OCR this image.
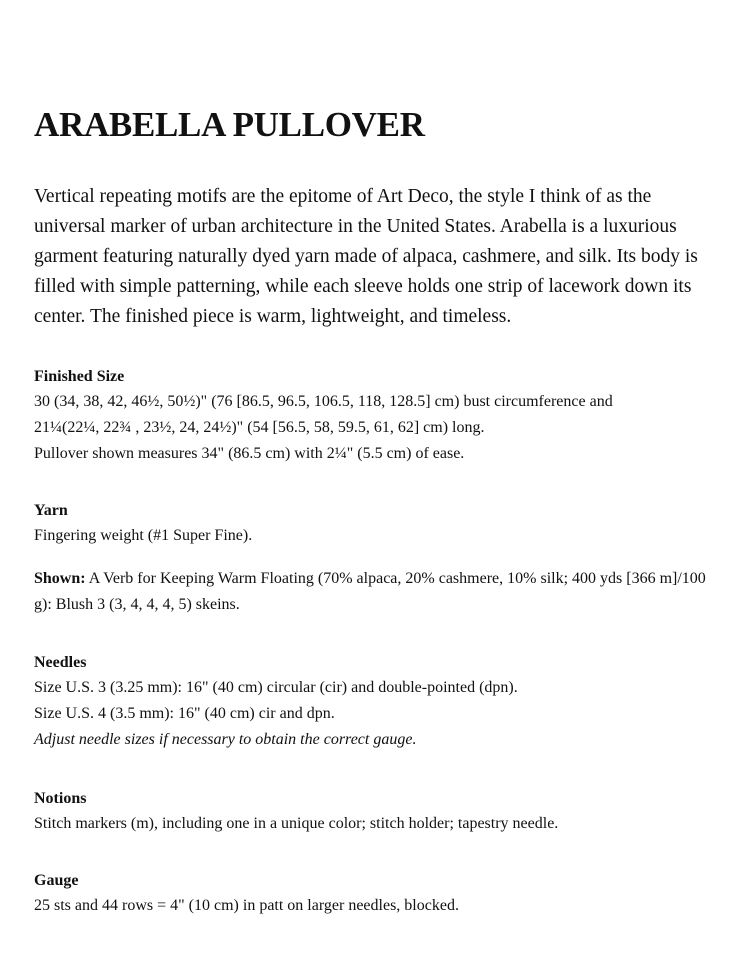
ARABELLA PULLOVER

Vertical repeating motifs are the epitome of Art Deco, the style I think of as the universal marker of urban architecture in the United States. Arabella is a luxurious garment featuring naturally dyed yarn made of alpaca, cashmere, and silk. Its body is filled with simple patterning, while each sleeve holds one strip of lacework down its center. The finished piece is warm, lightweight, and timeless.

Finished Size

30 (34, 38, 42, 46½, 50½)" (76 [86.5, 96.5, 106.5, 118, 128.5] cm) bust circumference and

21¼(22¼, 22¾ , 23½, 24, 24½)" (54 [56.5, 58, 59.5, 61, 62] cm) long.

Pullover shown measures 34" (86.5 cm) with 2¼" (5.5 cm) of ease.

Yarn

Fingering weight (#1 Super Fine).

Shown: A Verb for Keeping Warm Floating (70% alpaca, 20% cashmere, 10% silk; 400 yds [366 m]/100 g): Blush 3 (3, 4, 4, 4, 5) skeins.

Needles

Size U.S. 3 (3.25 mm): 16" (40 cm) circular (cir) and double-pointed (dpn).

Size U.S. 4 (3.5 mm): 16" (40 cm) cir and dpn.

Adjust needle sizes if necessary to obtain the correct gauge.

Notions

Stitch markers (m), including one in a unique color; stitch holder; tapestry needle.

Gauge

25 sts and 44 rows = 4" (10 cm) in patt on larger needles, blocked.
